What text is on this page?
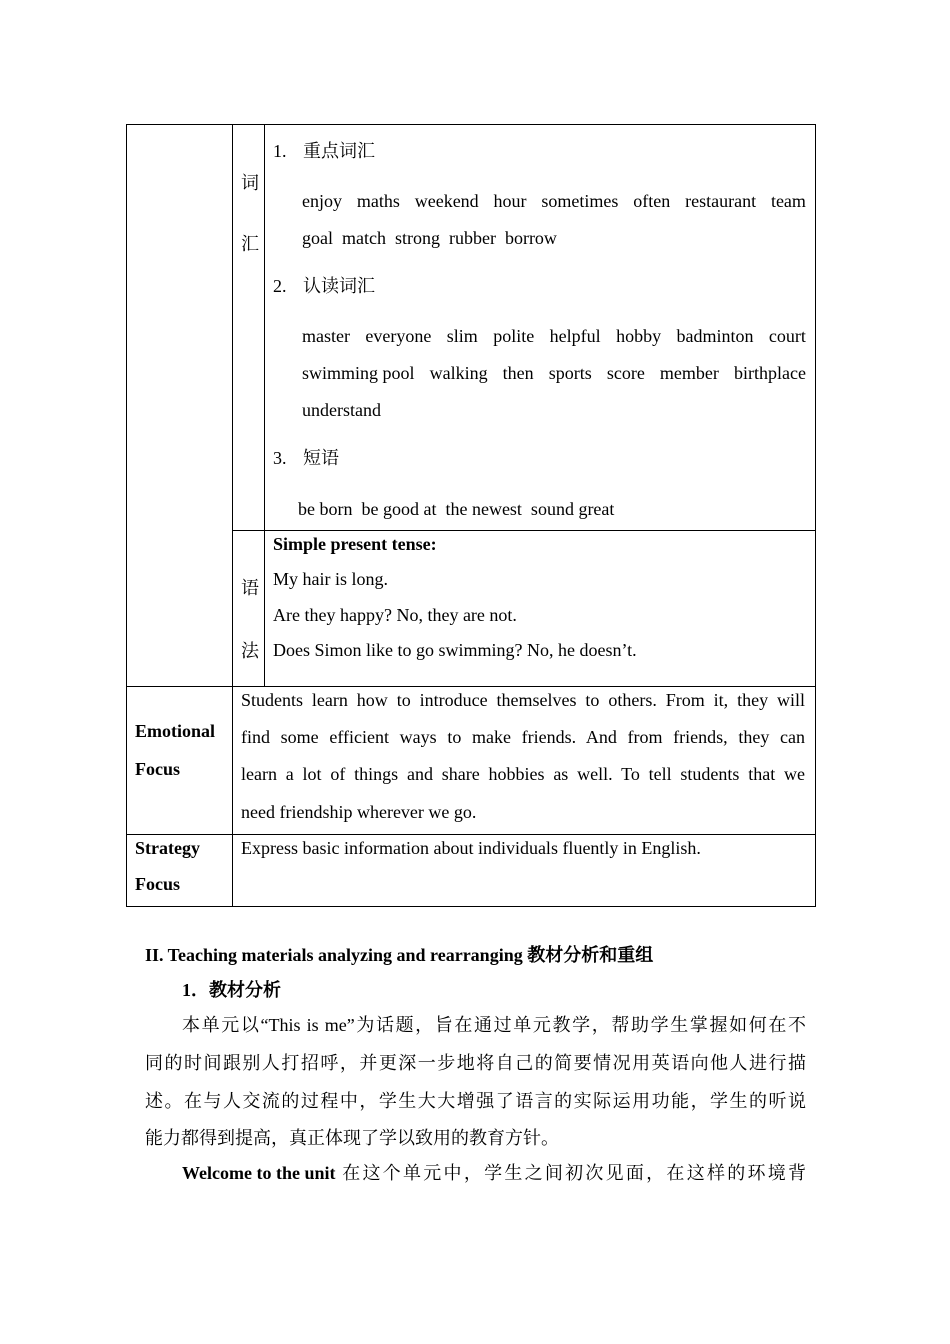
词
汇
1. 重点词汇
enjoy maths weekend hour sometimes often restaurant team
goal  match  strong  rubber  borrow
2. 认读词汇
master everyone slim polite helpful hobby badminton court
swimming pool walking then sports score member birthplace
understand
3. 短语
be born  be good at  the newest  sound great
语
法
Simple present tense:
My hair is long.
Are they happy? No, they are not.
Does Simon like to go swimming? No, he doesn’t.
Emotional
Focus
Students learn how to introduce themselves to others. From it, they will
find some efficient ways to make friends. And from friends, they can
learn a lot of things and share hobbies as well. To tell students that we
need friendship wherever we go.
Strategy
Focus
Express basic information about individuals fluently in English.
II. Teaching materials analyzing and rearranging 教材分析和重组
1．教材分析
本单元以“This is me”为话题，旨在通过单元教学，帮助学生掌握如何在不
同的时间跟别人打招呼，并更深一步地将自己的简要情况用英语向他人进行描
述。在与人交流的过程中，学生大大增强了语言的实际运用功能，学生的听说
能力都得到提高，真正体现了学以致用的教育方针。
Welcome to the unit 在这个单元中，学生之间初次见面，在这样的环境背
